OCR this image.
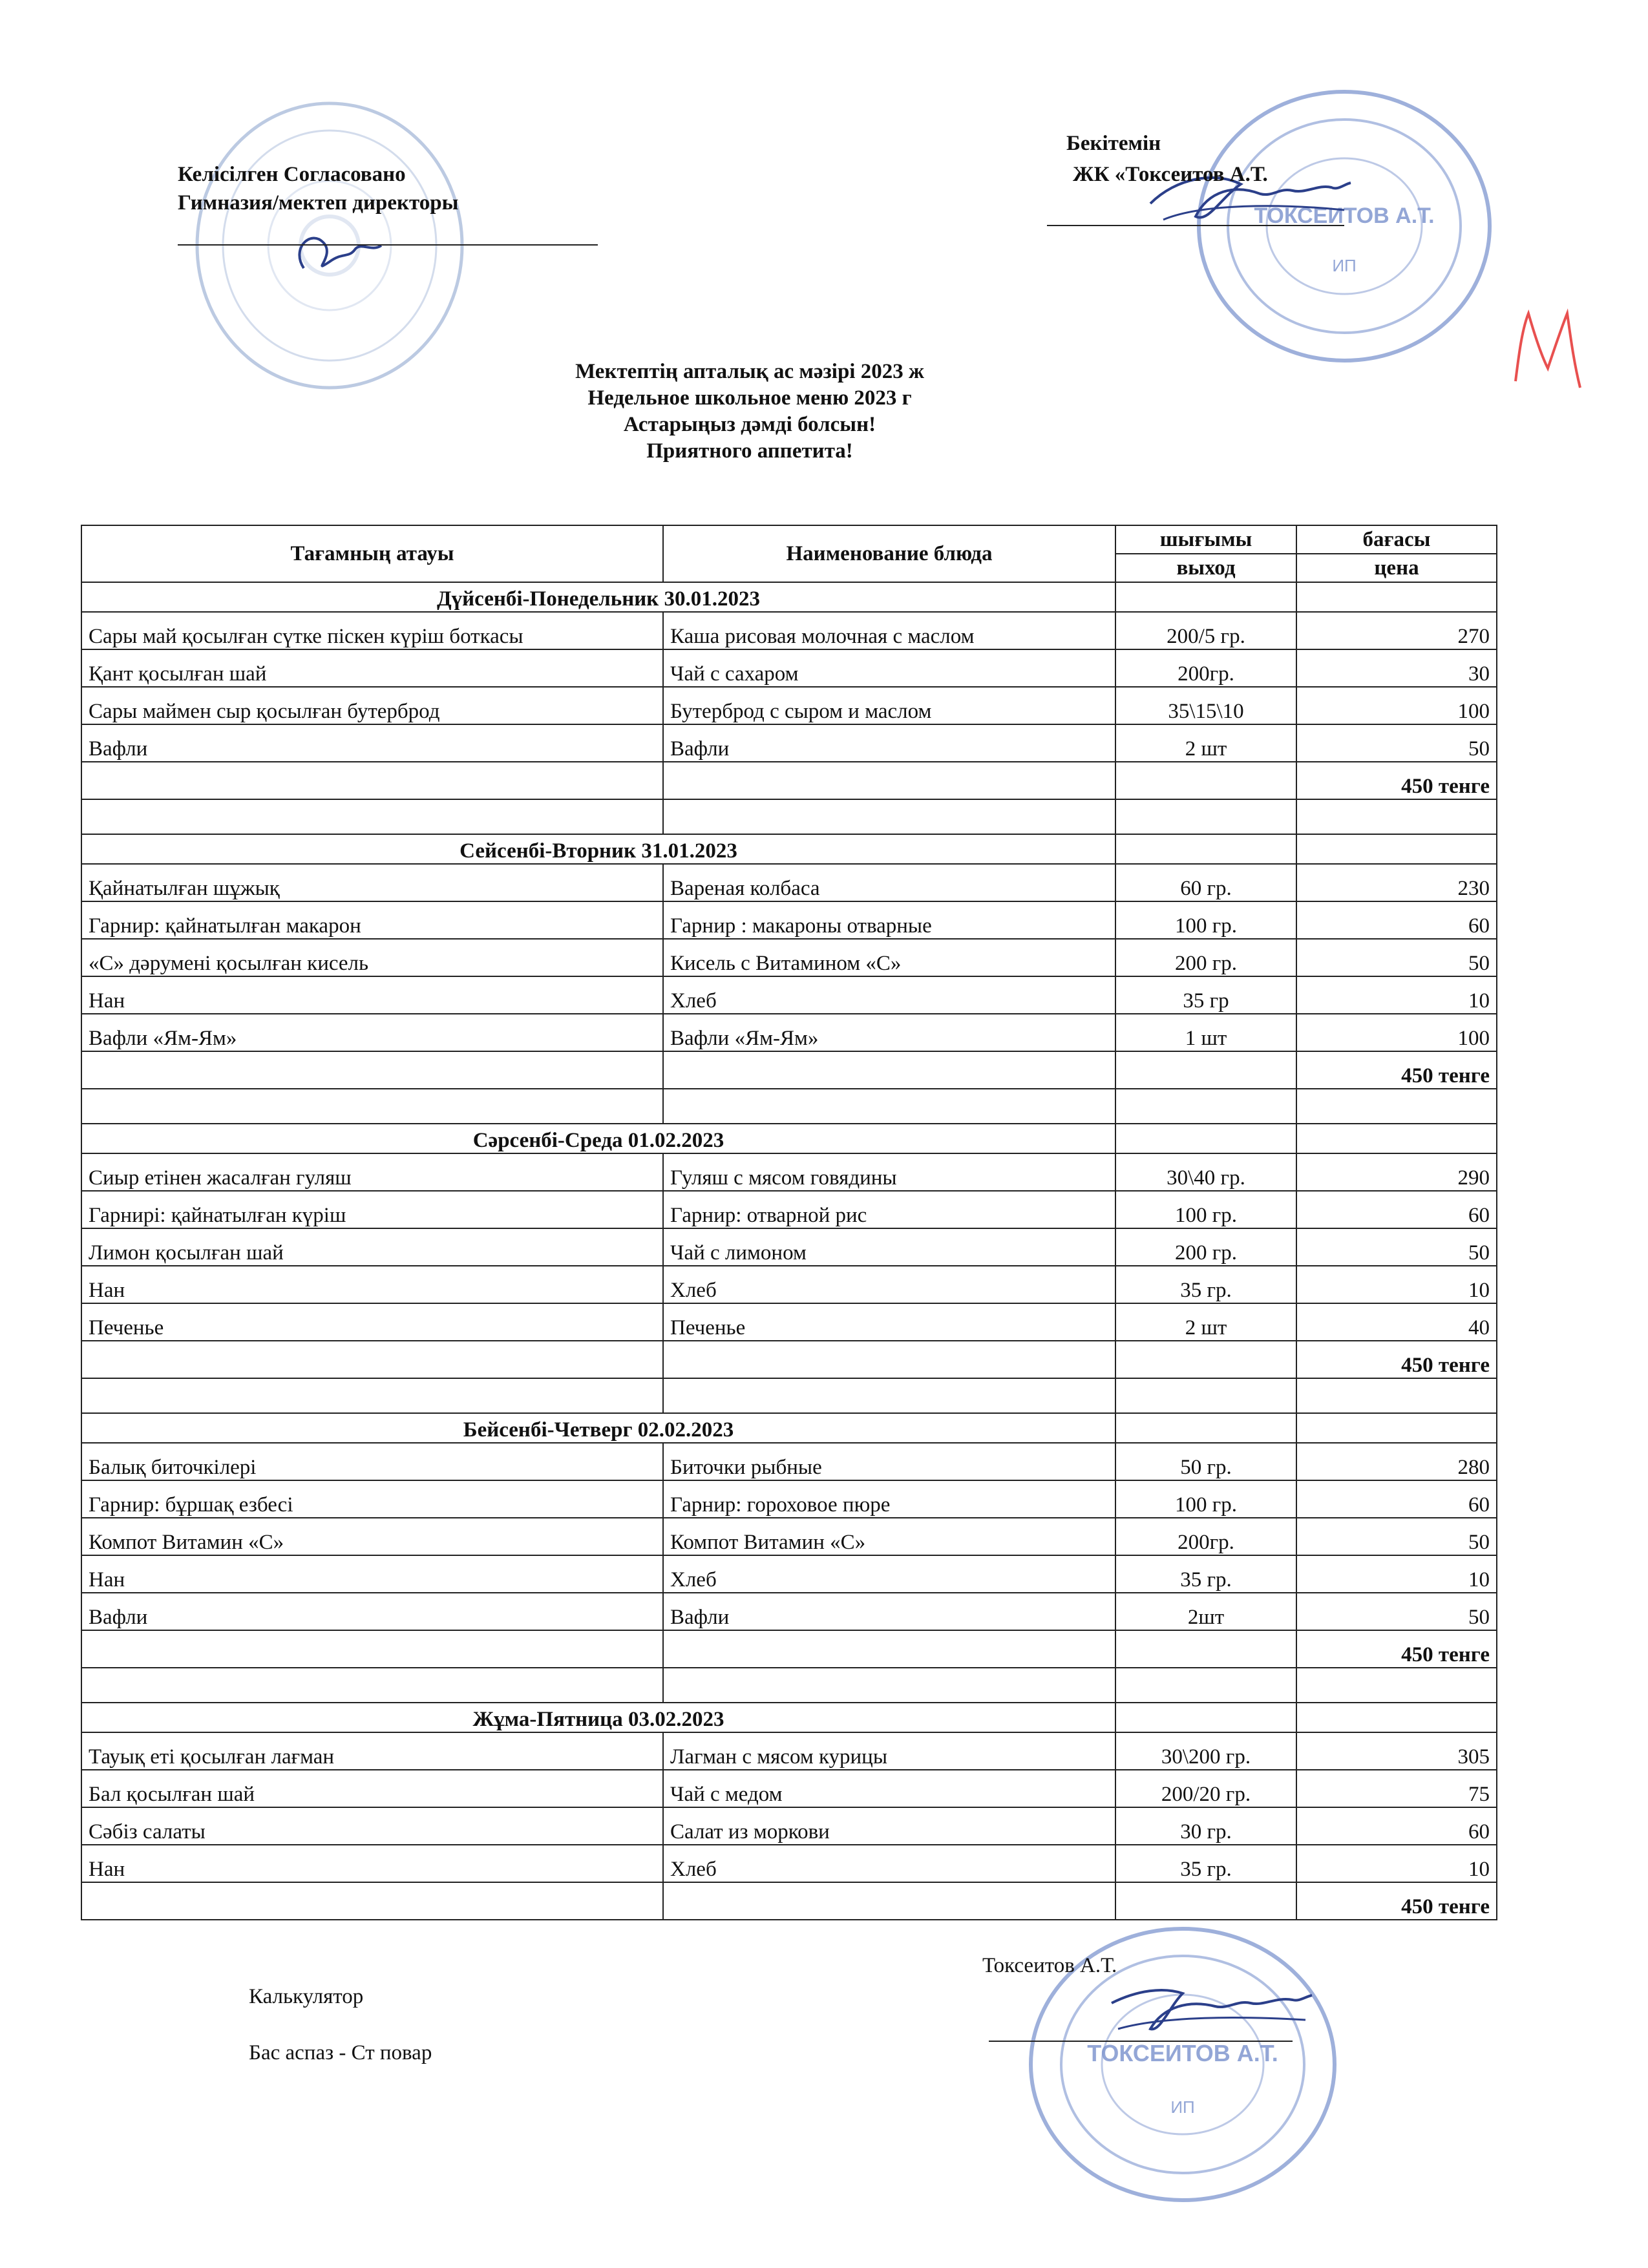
ТОКСЕИТОВ А.Т.
ИП
Келісілген Согласовано
Гимназия/мектеп директоры
Бекітемін
ЖК «Токсеитов А.Т.
Мектептің апталық ас мәзірі 2023 ж
Недельное школьное меню 2023 г
Астарыңыз дәмді болсын!
Приятного аппетита!
Тағамның атауы	Наименование блюда	шығымы	бағасы
		выход	цена
Дүйсенбі-Понедельник 30.01.2023			
Сары май қосылған сүтке піскен күріш боткасы	Каша рисовая молочная с маслом	200/5 гр.	270
Қант қосылған шай	Чай с сахаром	200гр.	30
Сары маймен сыр қосылған бутерброд	Бутерброд с сыром и маслом	35\15\10	100
Вафли	Вафли	2 шт	50
			450 тенге

Сейсенбі-Вторник 31.01.2023			
Қайнатылған шұжық	Вареная колбаса	60 гр.	230
Гарнир: қайнатылған макарон	Гарнир : макароны отварные	100 гр.	60
«С» дәрумені қосылған кисель	Кисель с Витамином «С»	200 гр.	50
Нан	Хлеб	35 гр	10
Вафли «Ям-Ям»	Вафли «Ям-Ям»	1 шт	100
			450 тенге

Сәрсенбі-Среда 01.02.2023			
Сиыр етінен жасалған гуляш	Гуляш с мясом говядины	30\40 гр.	290
Гарнирі: қайнатылған күріш	Гарнир: отварной рис	100 гр.	60
Лимон қосылған шай	Чай с лимоном	200 гр.	50
Нан	Хлеб	35 гр.	10
Печенье	Печенье	2 шт	40
			450 тенге

Бейсенбі-Четверг 02.02.2023			
Балық биточкілері	Биточки рыбные	50 гр.	280
Гарнир: бұршақ езбесі	Гарнир: гороховое пюре	100 гр.	60
Компот Витамин «С»	Компот Витамин «С»	200гр.	50
Нан	Хлеб	35 гр.	10
Вафли	Вафли	2шт	50
			450 тенге

Жұма-Пятница 03.02.2023			
Тауық еті қосылған лағман	Лагман с мясом курицы	30\200 гр.	305
Бал қосылған шай	Чай с медом	200/20 гр.	75
Сәбіз салаты	Салат из моркови	30 гр.	60
Нан	Хлеб	35 гр.	10
			450 тенге
ТОКСЕИТОВ А.Т.
ИП
Токсеитов А.Т.
Калькулятор
Бас аспаз - Ст повар
